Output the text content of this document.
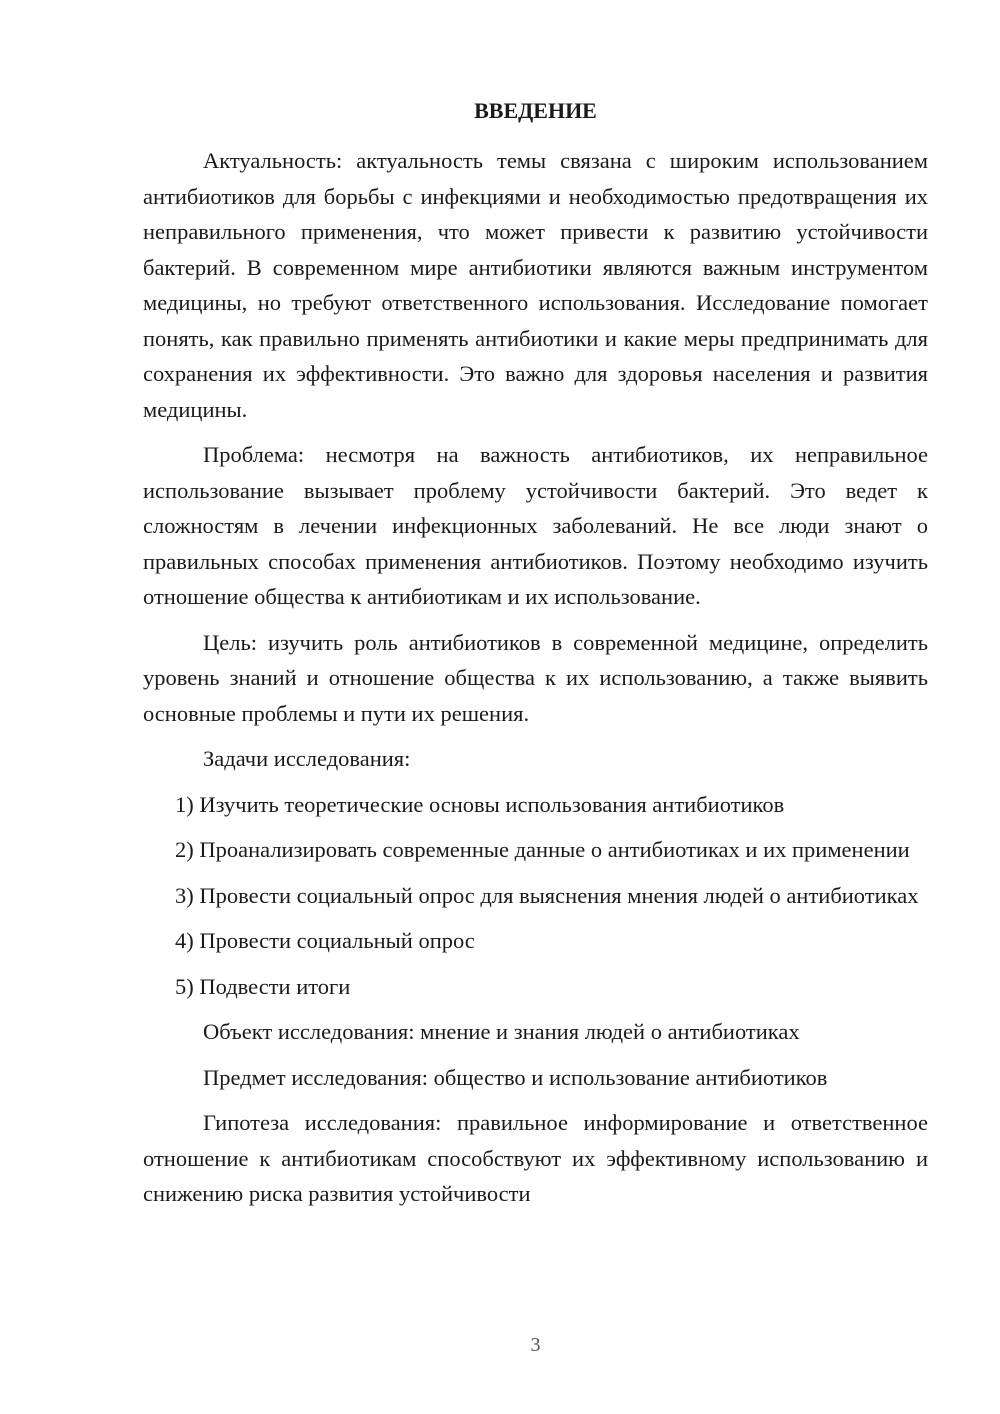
ВВЕДЕНИЕ

Актуальность: актуальность темы связана с широким использованием антибиотиков для борьбы с инфекциями и необходимостью предотвращения их неправильного применения, что может привести к развитию устойчивости бактерий. В современном мире антибиотики являются важным инструментом медицины, но требуют ответственного использования. Исследование помогает понять, как правильно применять антибиотики и какие меры предпринимать для сохранения их эффективности. Это важно для здоровья населения и развития медицины.

Проблема: несмотря на важность антибиотиков, их неправильное использование вызывает проблему устойчивости бактерий. Это ведет к сложностям в лечении инфекционных заболеваний. Не все люди знают о правильных способах применения антибиотиков. Поэтому необходимо изучить отношение общества к антибиотикам и их использование.

Цель: изучить роль антибиотиков в современной медицине, определить уровень знаний и отношение общества к их использованию, а также выявить основные проблемы и пути их решения.

Задачи исследования:

1) Изучить теоретические основы использования антибиотиков

2) Проанализировать современные данные о антибиотиках и их применении

3) Провести социальный опрос для выяснения мнения людей о антибиотиках

4) Провести социальный опрос

5) Подвести итоги

Объект исследования: мнение и знания людей о антибиотиках

Предмет исследования: общество и использование антибиотиков

Гипотеза исследования: правильное информирование и ответственное отношение к антибиотикам способствуют их эффективному использованию и снижению риска развития устойчивости

3
